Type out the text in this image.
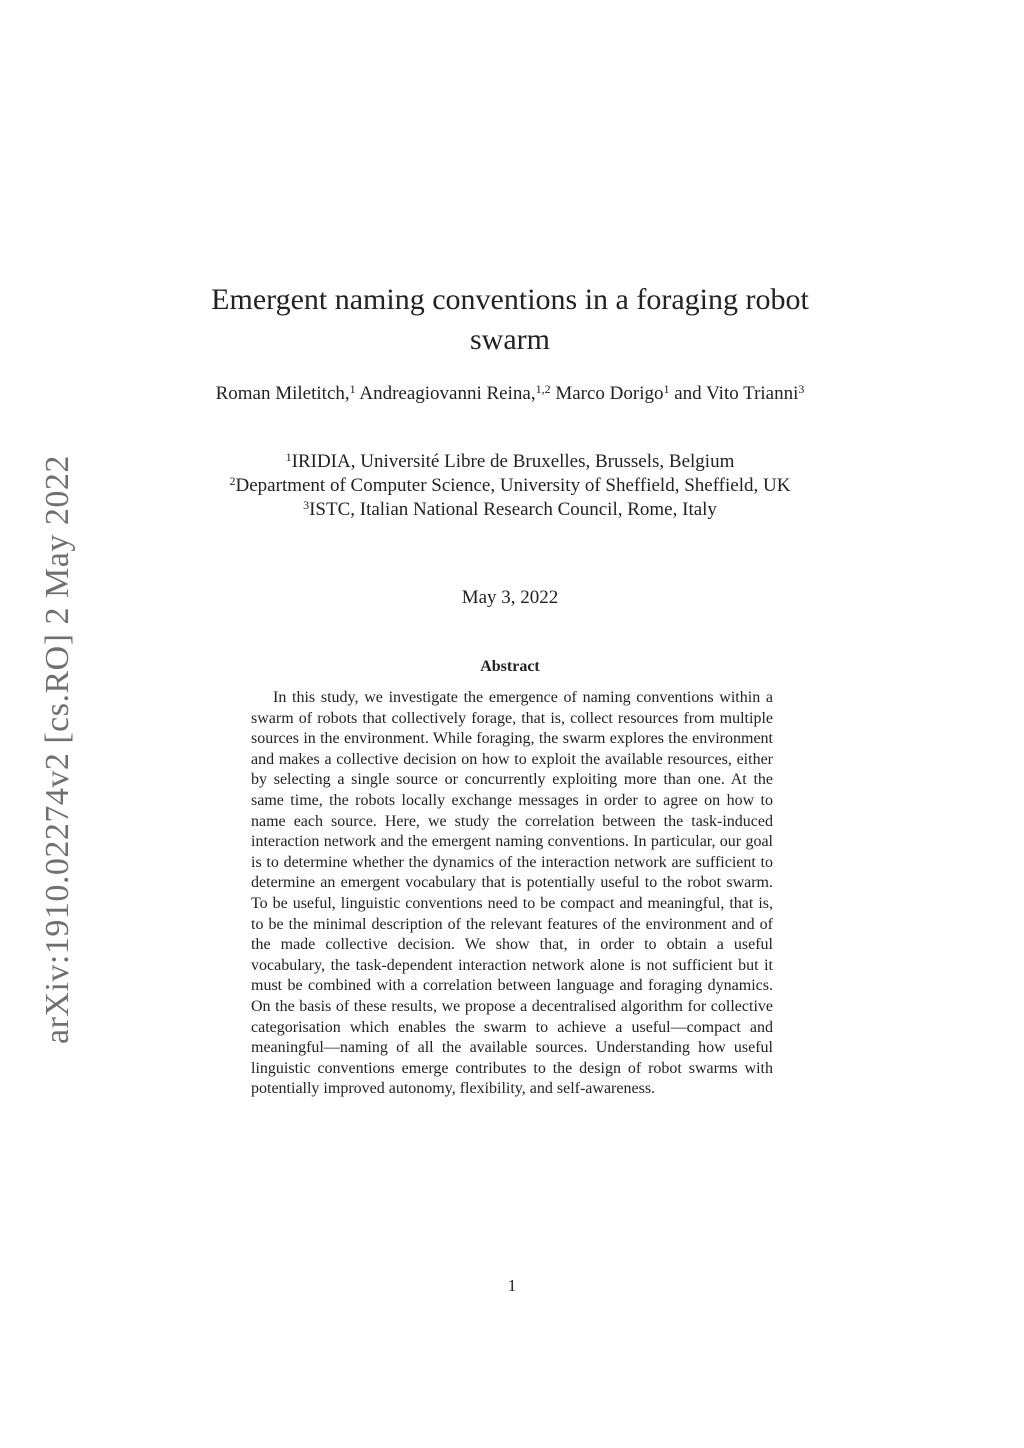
arXiv:1910.02274v2 [cs.RO] 2 May 2022
Emergent naming conventions in a foraging robot swarm
Roman Miletitch,$^1$ Andreagiovanni Reina,$^{1,2}$ Marco Dorigo$^1$ and Vito Trianni$^3$
$^1$IRIDIA, Université Libre de Bruxelles, Brussels, Belgium
$^2$Department of Computer Science, University of Sheffield, Sheffield, UK
$^3$ISTC, Italian National Research Council, Rome, Italy
May 3, 2022
Abstract
In this study, we investigate the emergence of naming conventions within a swarm of robots that collectively forage, that is, collect resources from multiple sources in the environment. While foraging, the swarm explores the environment and makes a collective decision on how to exploit the available resources, either by selecting a single source or concurrently exploiting more than one. At the same time, the robots locally exchange messages in order to agree on how to name each source. Here, we study the correlation between the task-induced interaction network and the emergent naming conventions. In particular, our goal is to determine whether the dynamics of the interaction network are sufficient to determine an emergent vocabulary that is potentially useful to the robot swarm. To be useful, linguistic conventions need to be compact and meaningful, that is, to be the minimal description of the relevant features of the environment and of the made collective decision. We show that, in order to obtain a useful vocabulary, the task-dependent interaction network alone is not sufficient but it must be combined with a correlation between language and foraging dynamics. On the basis of these results, we propose a decentralised algorithm for collective categorisation which enables the swarm to achieve a useful—compact and meaningful—naming of all the available sources. Understanding how useful linguistic conventions emerge contributes to the design of robot swarms with potentially improved autonomy, flexibility, and self-awareness.
1
